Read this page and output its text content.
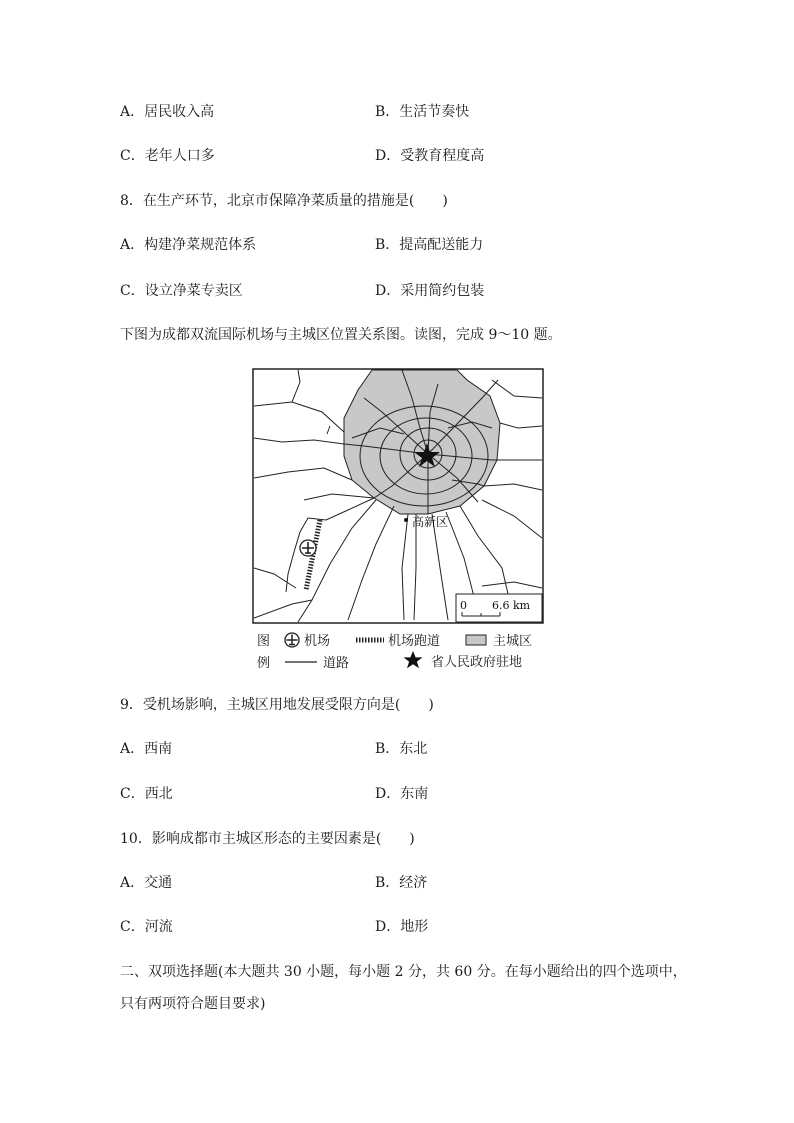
A．居民收入高	B．生活节奏快
C．老年人口多	D．受教育程度高
8．在生产环节，北京市保障净菜质量的措施是(　　)
A．构建净菜规范体系	B．提高配送能力
C．设立净菜专卖区	D．采用简约包装
下图为成都双流国际机场与主城区位置关系图。读图，完成 9～10 题。
高新区
0 6.6 km
图
例
机场	机场跑道	主城区
道路	省人民政府驻地
9．受机场影响，主城区用地发展受限方向是(　　)
A．西南	B．东北
C．西北	D．东南
10．影响成都市主城区形态的主要因素是(　　)
A．交通	B．经济
C．河流	D．地形
二、双项选择题(本大题共 30 小题，每小题 2 分，共 60 分。在每小题给出的四个选项中，
只有两项符合题目要求)
